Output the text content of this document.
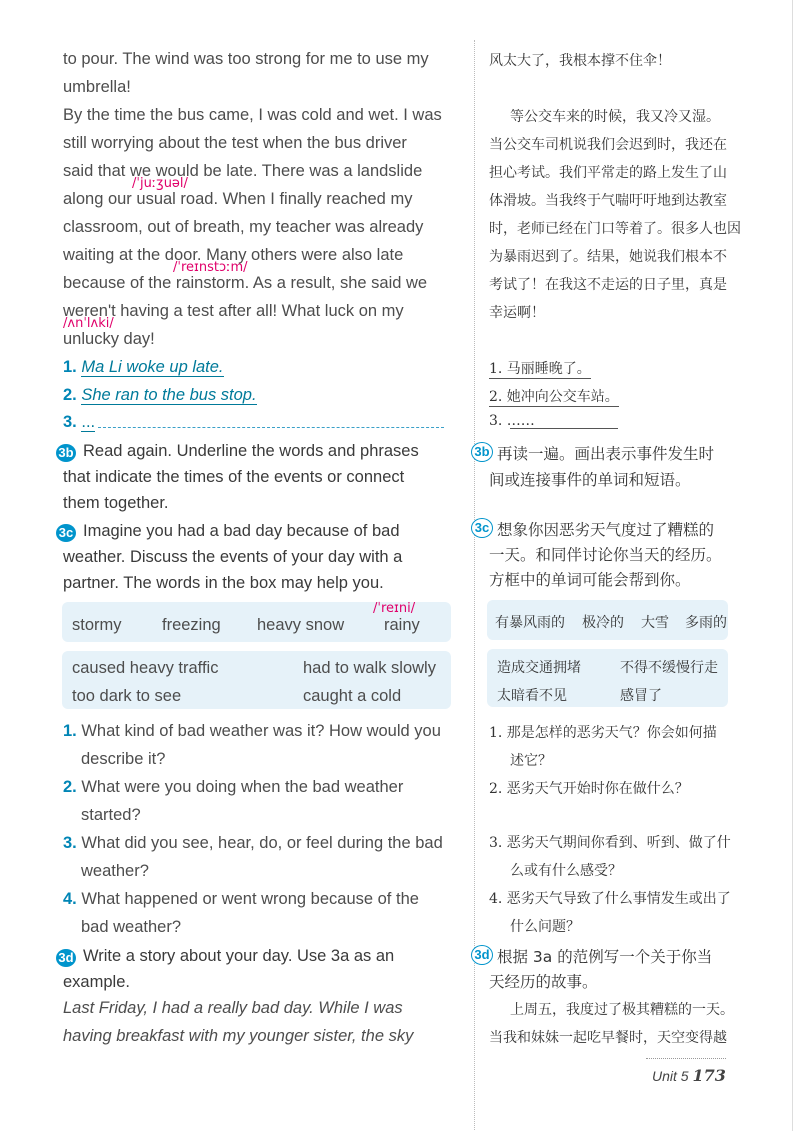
to pour. The wind was too strong for me to use my
umbrella!
By the time the bus came, I was cold and wet. I was
still worrying about the test when the bus driver
said that we would be late. There was a landslide
along our usual road. When I finally reached my
classroom, out of breath, my teacher was already
waiting at the door. Many others were also late
because of the rainstorm. As a result, she said we
weren't having a test after all! What luck on my
unlucky day!
/ˈjuːʒuəl/
/ˈreɪnstɔːm/
/ʌnˈlʌki/
1. Ma Li woke up late.
2. She ran to the bus stop.
3. ...
3b Read again. Underline the words and phrases
that indicate the times of the events or connect
them together.
3c Imagine you had a bad day because of bad
weather. Discuss the events of your day with a
partner. The words in the box may help you.
/ˈreɪni/
stormy freezing heavy snow rainy
caused heavy traffic	had to walk slowly
too dark to see	caught a cold
1. What kind of bad weather was it? How would you
describe it?
2. What were you doing when the bad weather
started?
3. What did you see, hear, do, or feel during the bad
weather?
4. What happened or went wrong because of the
bad weather?
3d Write a story about your day. Use 3a as an
example.
Last Friday, I had a really bad day. While I was
having breakfast with my younger sister, the sky
风太大了，我根本撑不住伞！
等公交车来的时候，我又冷又湿。
当公交车司机说我们会迟到时，我还在
担心考试。我们平常走的路上发生了山
体滑坡。当我终于气喘吁吁地到达教室
时，老师已经在门口等着了。很多人也因
为暴雨迟到了。结果，她说我们根本不
考试了！在我这不走运的日子里，真是
幸运啊！
1. 马丽睡晚了。
2. 她冲向公交车站。
3. ……
3b 再读一遍。画出表示事件发生时
间或连接事件的单词和短语。
3c 想象你因恶劣天气度过了糟糕的
一天。和同伴讨论你当天的经历。
方框中的单词可能会帮到你。
有暴风雨的 极冷的 大雪 多雨的
造成交通拥堵	不得不缓慢行走
太暗看不见	感冒了
1. 那是怎样的恶劣天气？你会如何描
述它？
2. 恶劣天气开始时你在做什么？
3. 恶劣天气期间你看到、听到、做了什
么或有什么感受？
4. 恶劣天气导致了什么事情发生或出了
什么问题？
3d 根据 3a 的范例写一个关于你当
天经历的故事。
上周五，我度过了极其糟糕的一天。
当我和妹妹一起吃早餐时，天空变得越
Unit 5 173
